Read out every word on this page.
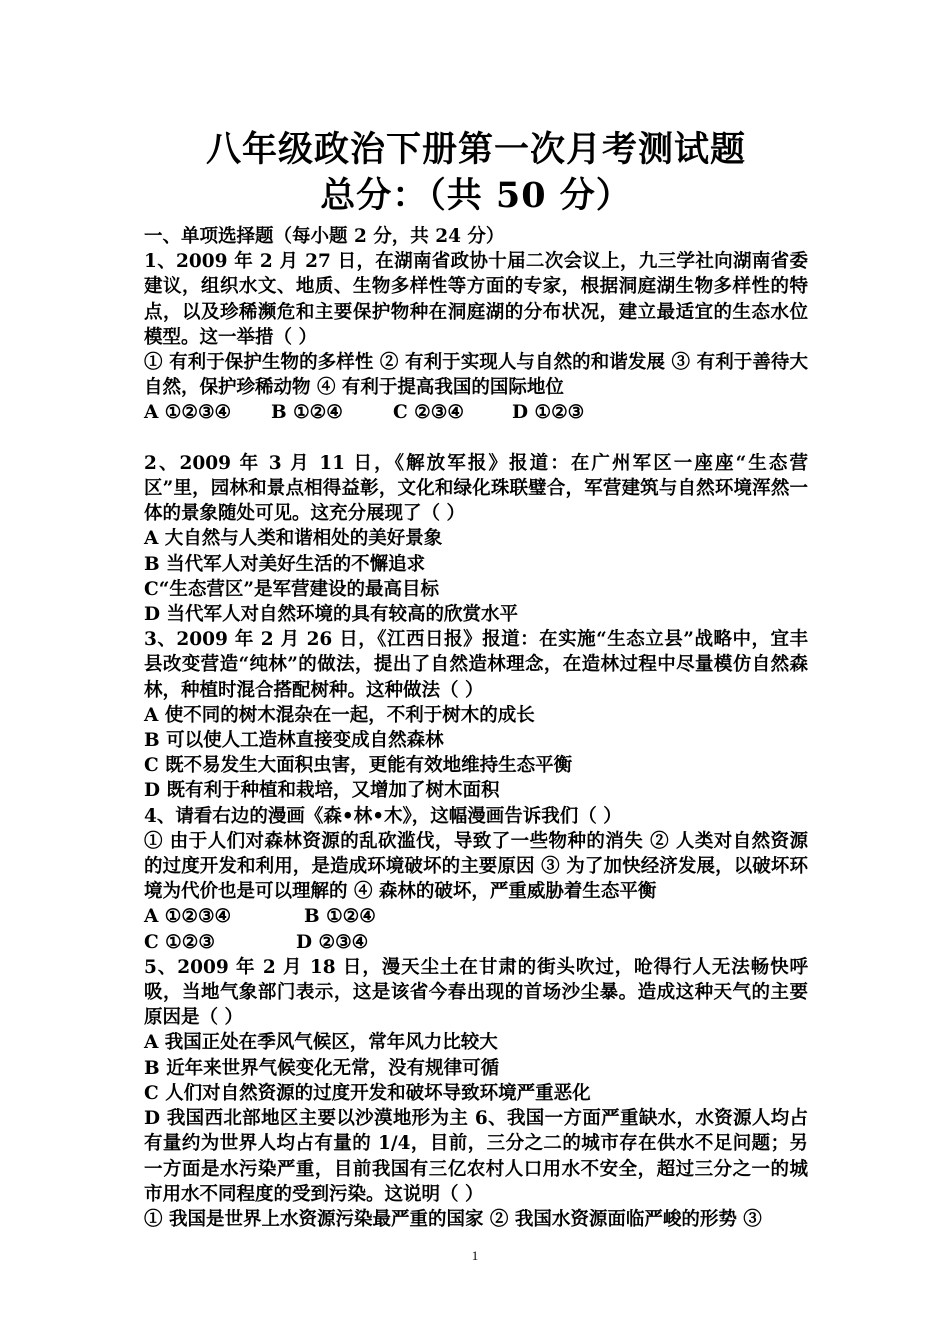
八年级政治下册第一次月考测试题
总分：（共 50 分）
一、单项选择题（每小题 2 分，共 24 分）
1、2009 年 2 月 27 日，在湖南省政协十届二次会议上，九三学社向湖南省委建议，组织水文、地质、生物多样性等方面的专家，根据洞庭湖生物多样性的特点，以及珍稀濒危和主要保护物种在洞庭湖的分布状况，建立最适宜的生态水位模型。这一举措（ ）
① 有利于保护生物的多样性 ② 有利于实现人与自然的和谐发展 ③ 有利于善待大自然，保护珍稀动物 ④ 有利于提高我国的国际地位
A ①②③④ B ①②④	C ②③④	D ①②③
2、2009 年 3 月 11 日，《解放军报》报道：在广州军区一座座“生态营区”里，园林和景点相得益彰，文化和绿化珠联璧合，军营建筑与自然环境浑然一体的景象随处可见。这充分展现了（ ）
A 大自然与人类和谐相处的美好景象
B 当代军人对美好生活的不懈追求
C“生态营区”是军营建设的最高目标
D 当代军人对自然环境的具有较高的欣赏水平
3、2009 年 2 月 26 日，《江西日报》报道：在实施“生态立县”战略中，宜丰县改变营造“纯林”的做法，提出了自然造林理念，在造林过程中尽量模仿自然森林，种植时混合搭配树种。这种做法（ ）
A 使不同的树木混杂在一起，不利于树木的成长
B 可以使人工造林直接变成自然森林
C 既不易发生大面积虫害，更能有效地维持生态平衡
D 既有利于种植和栽培，又增加了树木面积
4、请看右边的漫画《森•林•木》，这幅漫画告诉我们（ ）
① 由于人们对森林资源的乱砍滥伐，导致了一些物种的消失 ② 人类对自然资源的过度开发和利用，是造成环境破坏的主要原因 ③ 为了加快经济发展，以破坏环境为代价也是可以理解的 ④ 森林的破坏，严重威胁着生态平衡
A ①②③④	B ①②④
C ①②③	D ②③④
5、2009 年 2 月 18 日，漫天尘土在甘肃的街头吹过，呛得行人无法畅快呼吸，当地气象部门表示，这是该省今春出现的首场沙尘暴。造成这种天气的主要原因是（ ）
A 我国正处在季风气候区，常年风力比较大
B 近年来世界气候变化无常，没有规律可循
C 人们对自然资源的过度开发和破坏导致环境严重恶化
D 我国西北部地区主要以沙漠地形为主 6、我国一方面严重缺水，水资源人均占有量约为世界人均占有量的 1/4，目前，三分之二的城市存在供水不足问题；另一方面是水污染严重，目前我国有三亿农村人口用水不安全，超过三分之一的城市用水不同程度的受到污染。这说明（ ）
① 我国是世界上水资源污染最严重的国家 ② 我国水资源面临严峻的形势 ③
1
